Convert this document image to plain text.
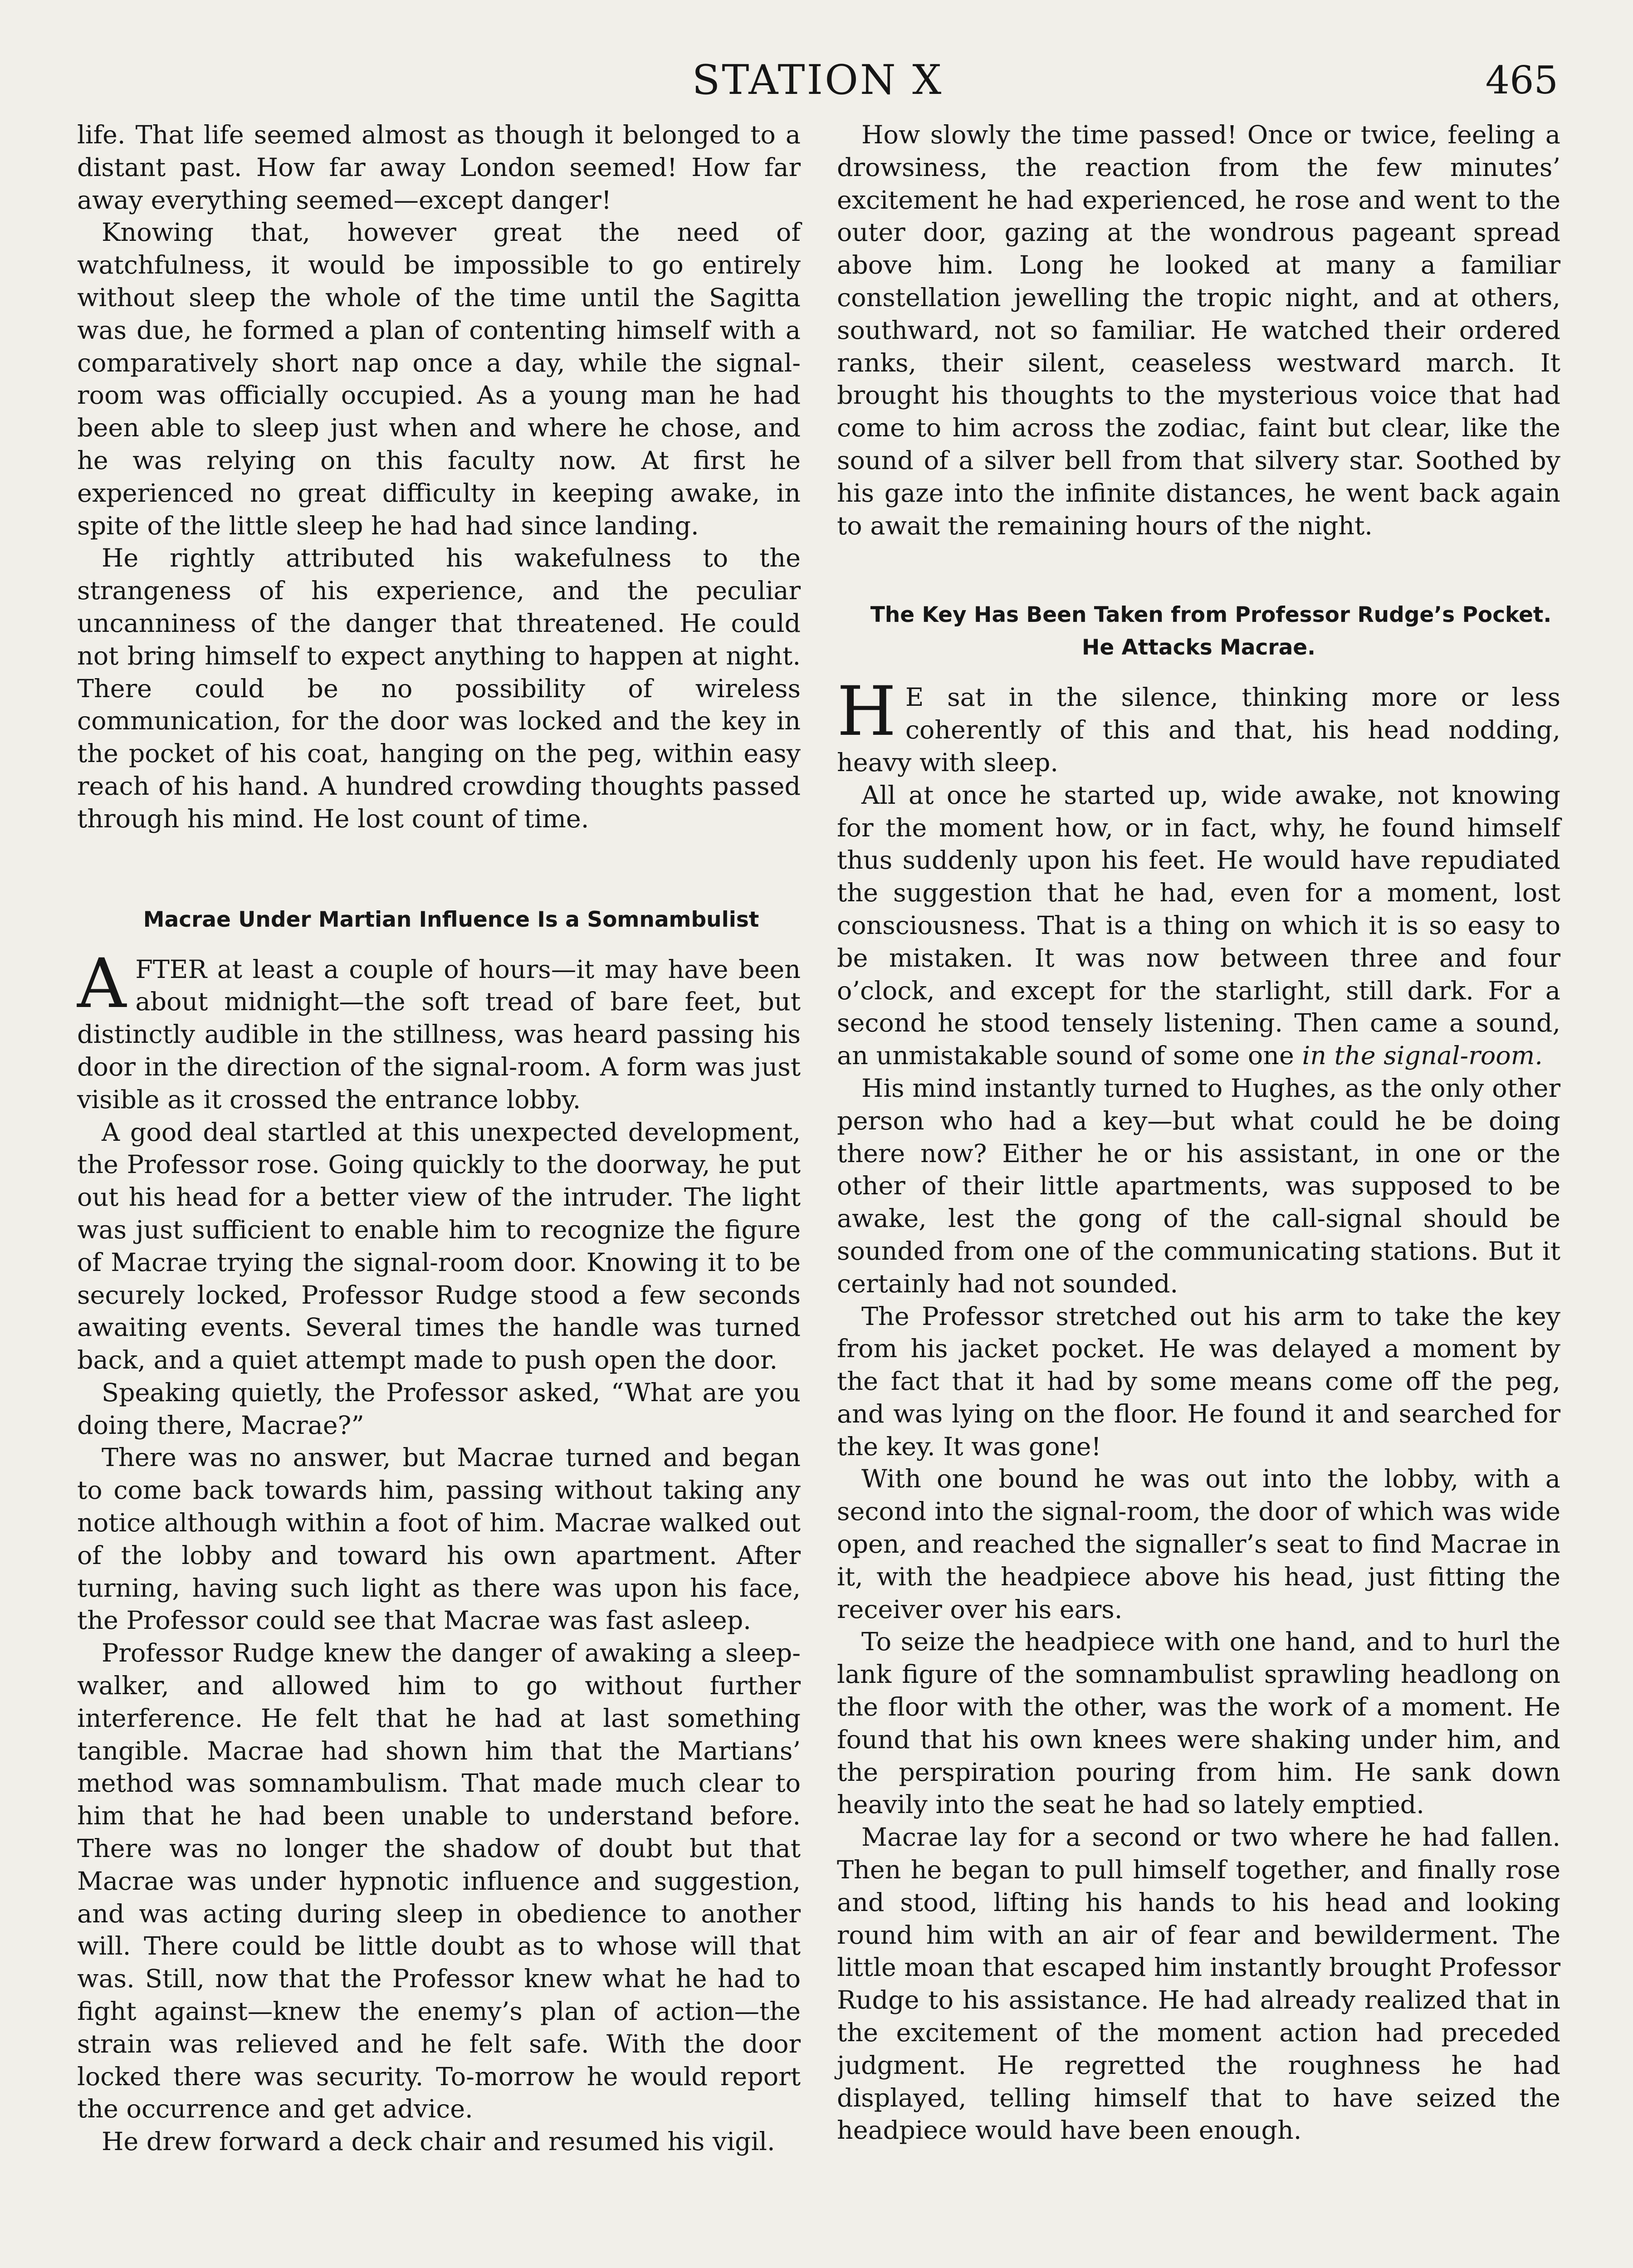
STATION X	465

life. That life seemed almost as though it belonged to a distant past. How far away London seemed! How far away everything seemed—except danger!

Knowing that, however great the need of watchfulness, it would be impossible to go entirely without sleep the whole of the time until the Sagitta was due, he formed a plan of contenting himself with a comparatively short nap once a day, while the signal-room was officially occupied. As a young man he had been able to sleep just when and where he chose, and he was relying on this faculty now. At first he experienced no great difficulty in keeping awake, in spite of the little sleep he had had since landing.

He rightly attributed his wakefulness to the strangeness of his experience, and the peculiar uncanniness of the danger that threatened. He could not bring himself to expect anything to happen at night. There could be no possibility of wireless communication, for the door was locked and the key in the pocket of his coat, hanging on the peg, within easy reach of his hand. A hundred crowding thoughts passed through his mind. He lost count of time.

Macrae Under Martian Influence Is a Somnambulist

AFTER at least a couple of hours—it may have been about midnight—the soft tread of bare feet, but distinctly audible in the stillness, was heard passing his door in the direction of the signal-room. A form was just visible as it crossed the entrance lobby.

A good deal startled at this unexpected development, the Professor rose. Going quickly to the doorway, he put out his head for a better view of the intruder. The light was just sufficient to enable him to recognize the figure of Macrae trying the signal-room door. Knowing it to be securely locked, Professor Rudge stood a few seconds awaiting events. Several times the handle was turned back, and a quiet attempt made to push open the door.

Speaking quietly, the Professor asked, “What are you doing there, Macrae?”

There was no answer, but Macrae turned and began to come back towards him, passing without taking any notice although within a foot of him. Macrae walked out of the lobby and toward his own apartment. After turning, having such light as there was upon his face, the Professor could see that Macrae was fast asleep.

Professor Rudge knew the danger of awaking a sleep-walker, and allowed him to go without further interference. He felt that he had at last something tangible. Macrae had shown him that the Martians’ method was somnambulism. That made much clear to him that he had been unable to understand before. There was no longer the shadow of doubt but that Macrae was under hypnotic influence and suggestion, and was acting during sleep in obedience to another will. There could be little doubt as to whose will that was. Still, now that the Professor knew what he had to fight against—knew the enemy’s plan of action—the strain was relieved and he felt safe. With the door locked there was security. To-morrow he would report the occurrence and get advice.

He drew forward a deck chair and resumed his vigil.

How slowly the time passed! Once or twice, feeling a drowsiness, the reaction from the few minutes’ excitement he had experienced, he rose and went to the outer door, gazing at the wondrous pageant spread above him. Long he looked at many a familiar constellation jewelling the tropic night, and at others, southward, not so familiar. He watched their ordered ranks, their silent, ceaseless westward march. It brought his thoughts to the mysterious voice that had come to him across the zodiac, faint but clear, like the sound of a silver bell from that silvery star. Soothed by his gaze into the infinite distances, he went back again to await the remaining hours of the night.

The Key Has Been Taken from Professor Rudge’s Pocket. He Attacks Macrae.

H E sat in the silence, thinking more or less coherently of this and that, his head nodding, heavy with sleep.

All at once he started up, wide awake, not knowing for the moment how, or in fact, why, he found himself thus suddenly upon his feet. He would have repudiated the suggestion that he had, even for a moment, lost consciousness. That is a thing on which it is so easy to be mistaken. It was now between three and four o’clock, and except for the starlight, still dark. For a second he stood tensely listening. Then came a sound, an unmistakable sound of some one in the signal-room.

His mind instantly turned to Hughes, as the only other person who had a key—but what could he be doing there now? Either he or his assistant, in one or the other of their little apartments, was supposed to be awake, lest the gong of the call-signal should be sounded from one of the communicating stations. But it certainly had not sounded.

The Professor stretched out his arm to take the key from his jacket pocket. He was delayed a moment by the fact that it had by some means come off the peg, and was lying on the floor. He found it and searched for the key. It was gone!

With one bound he was out into the lobby, with a second into the signal-room, the door of which was wide open, and reached the signaller’s seat to find Macrae in it, with the headpiece above his head, just fitting the receiver over his ears.

To seize the headpiece with one hand, and to hurl the lank figure of the somnambulist sprawling headlong on the floor with the other, was the work of a moment. He found that his own knees were shaking under him, and the perspiration pouring from him. He sank down heavily into the seat he had so lately emptied.

Macrae lay for a second or two where he had fallen. Then he began to pull himself together, and finally rose and stood, lifting his hands to his head and looking round him with an air of fear and bewilderment. The little moan that escaped him instantly brought Professor Rudge to his assistance. He had already realized that in the excitement of the moment action had preceded judgment. He regretted the roughness he had displayed, telling himself that to have seized the headpiece would have been enough.
